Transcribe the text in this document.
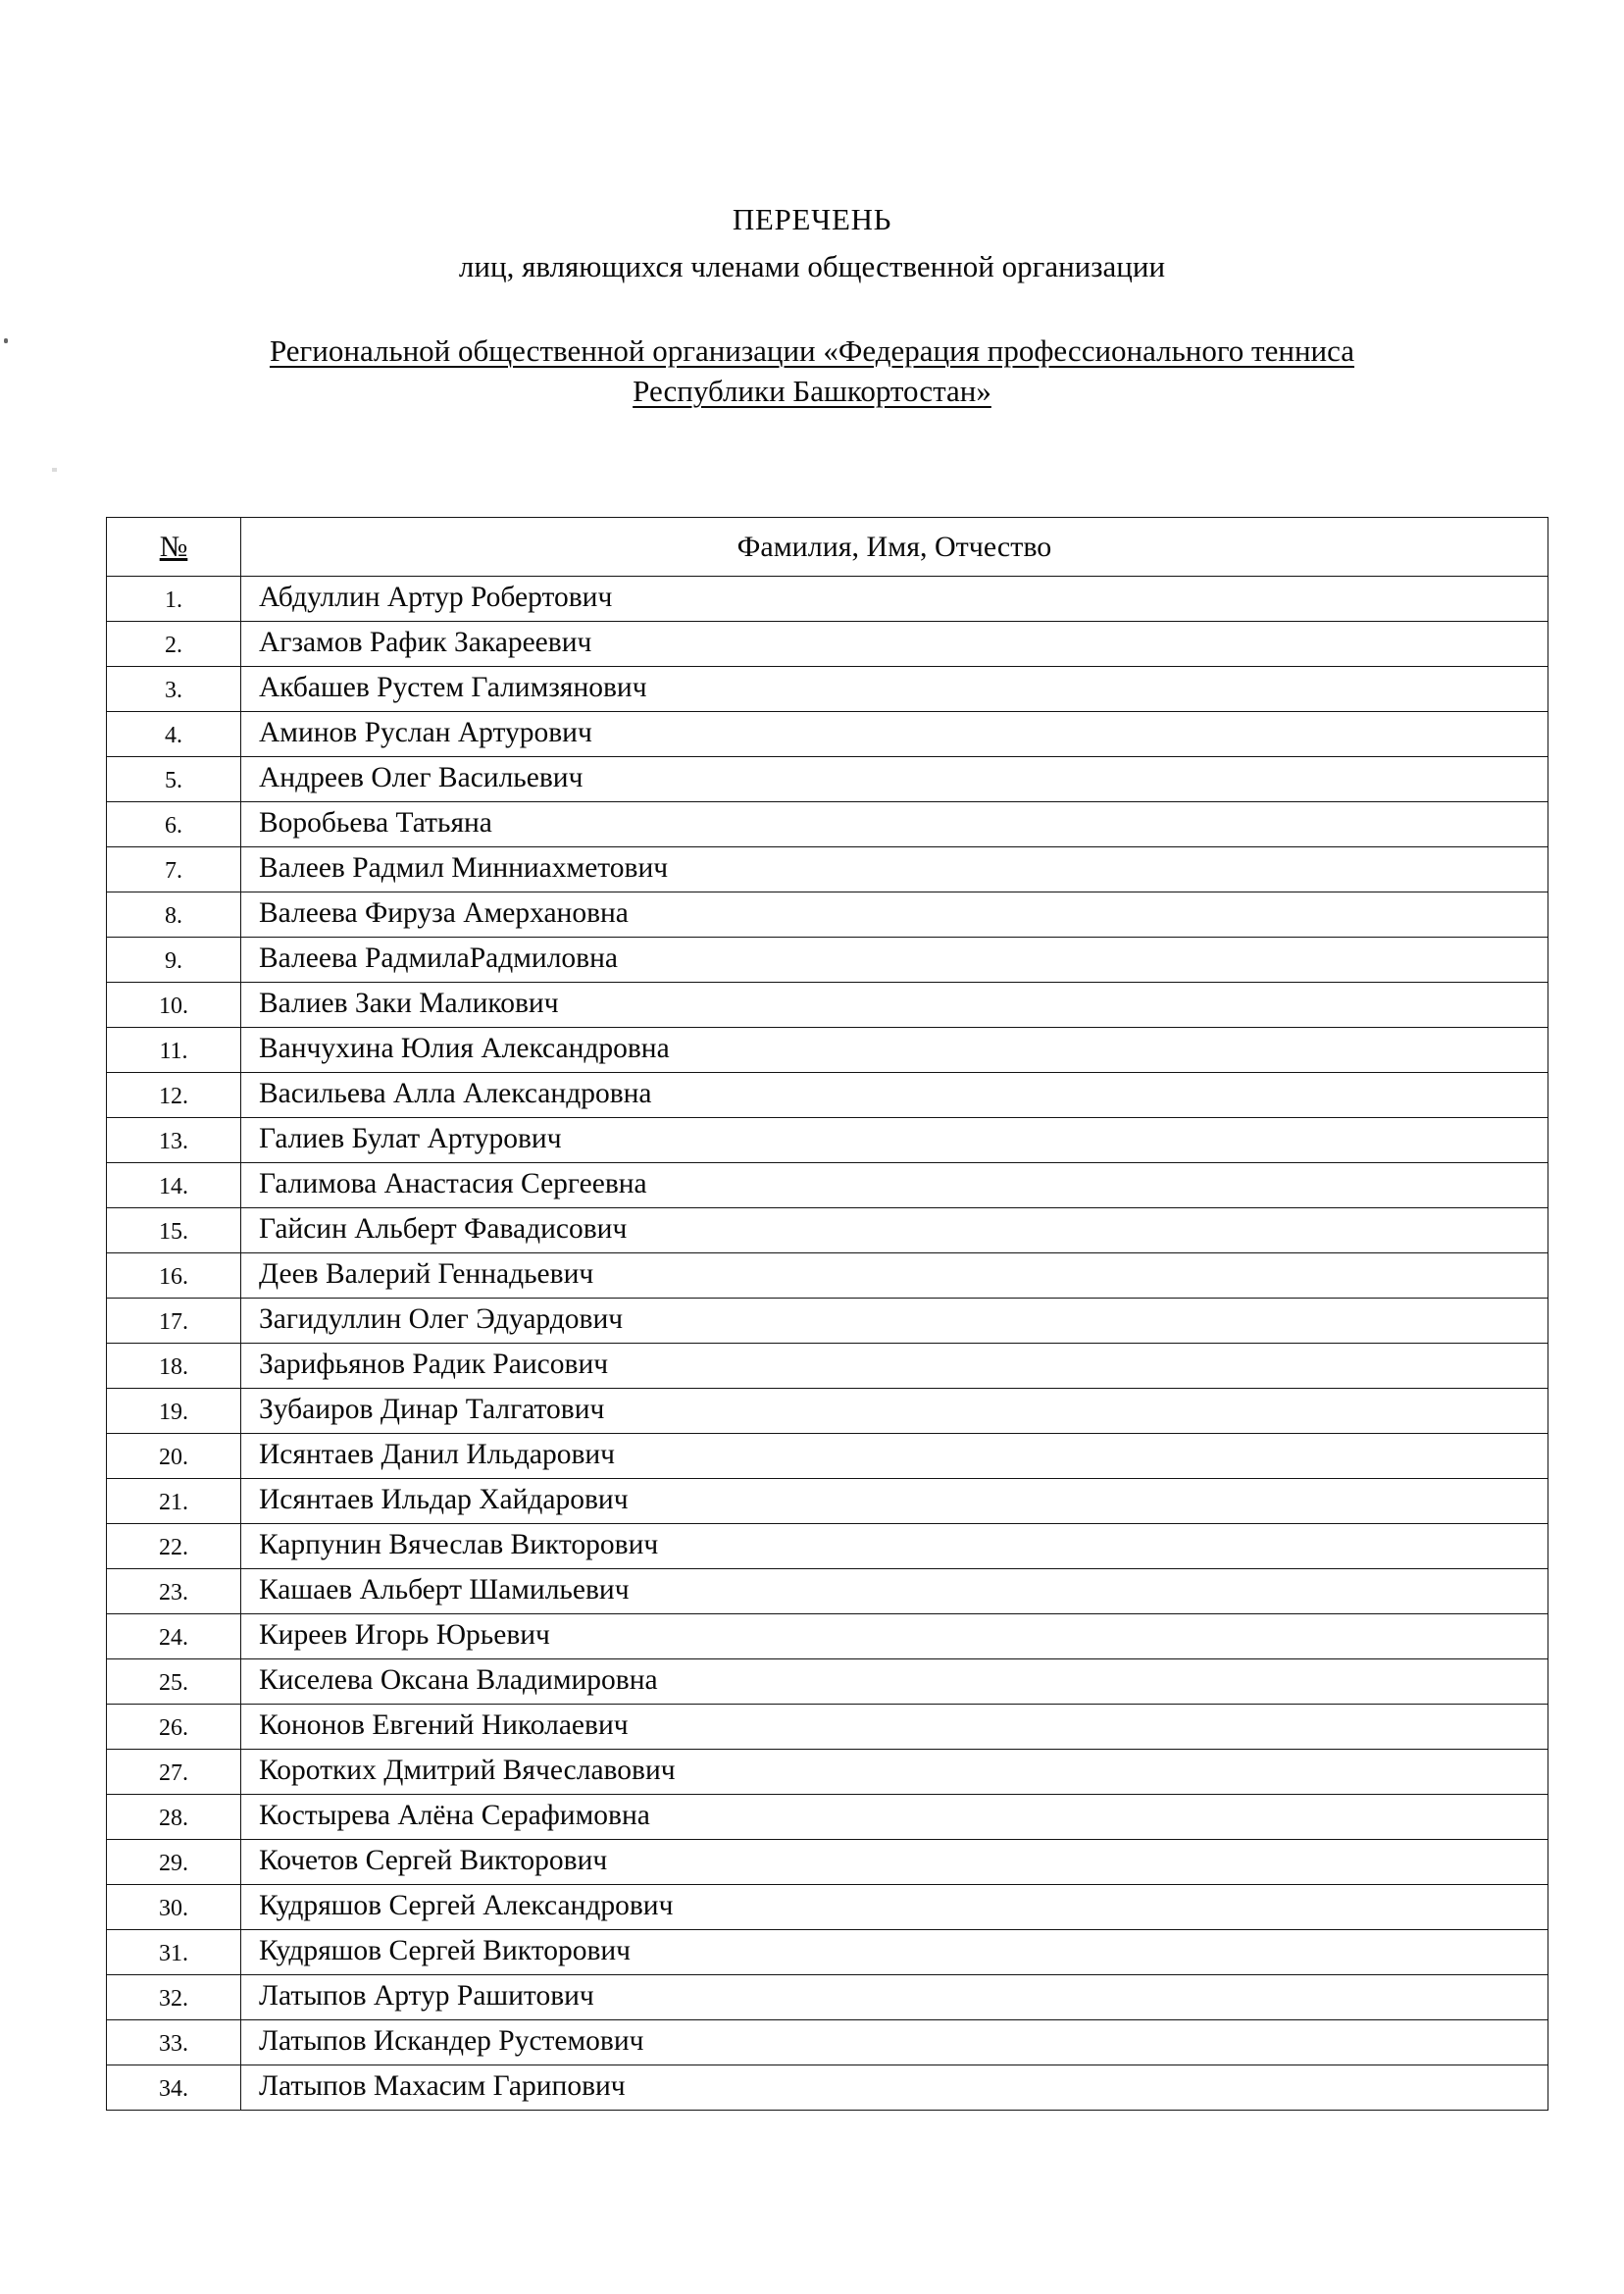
ПЕРЕЧЕНЬ
лиц, являющихся членами общественной организации
Региональной общественной организации «Федерация профессионального тенниса
Республики Башкортостан»
№	Фамилия, Имя, Отчество
1.	Абдуллин Артур Робертович
2.	Агзамов Рафик Закареевич
3.	Акбашев Рустем Галимзянович
4.	Аминов Руслан Артурович
5.	Андреев Олег Васильевич
6.	Воробьева Татьяна
7.	Валеев Радмил Минниахметович
8.	Валеева Фируза Амерхановна
9.	Валеева РадмилаРадмиловна
10.	Валиев Заки Маликович
11.	Ванчухина Юлия Александровна
12.	Васильева Алла Александровна
13.	Галиев Булат Артурович
14.	Галимова Анастасия Сергеевна
15.	Гайсин Альберт Фавадисович
16.	Деев Валерий Геннадьевич
17.	Загидуллин Олег Эдуардович
18.	Зарифьянов Радик Раисович
19.	Зубаиров Динар Талгатович
20.	Исянтаев Данил Ильдарович
21.	Исянтаев Ильдар Хайдарович
22.	Карпунин Вячеслав Викторович
23.	Кашаев Альберт Шамильевич
24.	Киреев Игорь Юрьевич
25.	Киселева Оксана Владимировна
26.	Кононов Евгений Николаевич
27.	Коротких Дмитрий Вячеславович
28.	Костырева Алёна Серафимовна
29.	Кочетов Сергей Викторович
30.	Кудряшов Сергей Александрович
31.	Кудряшов Сергей Викторович
32.	Латыпов Артур Рашитович
33.	Латыпов Искандер Рустемович
34.	Латыпов Махасим Гарипович
